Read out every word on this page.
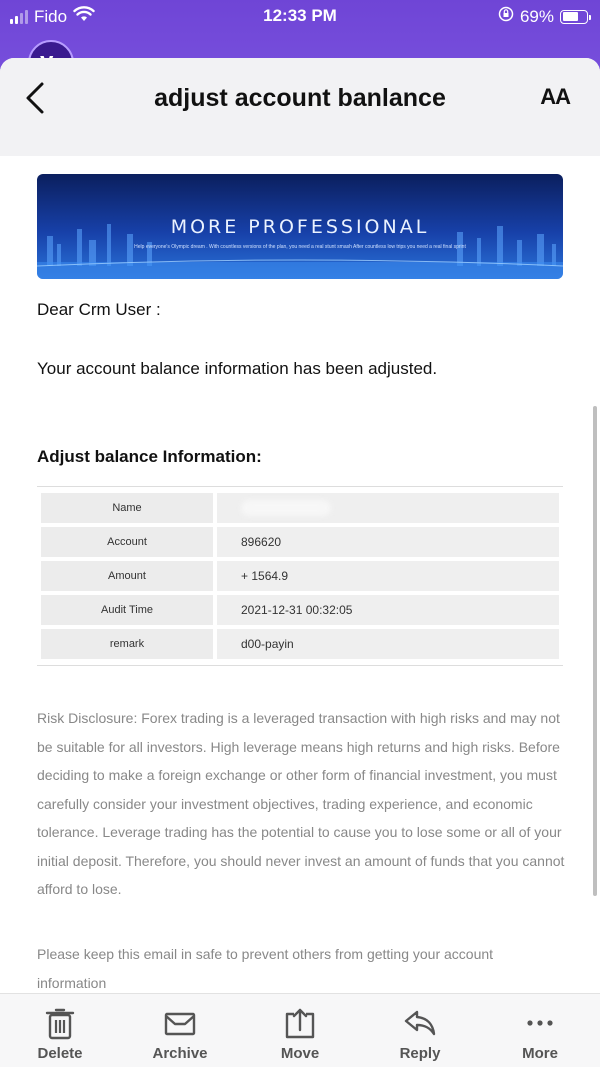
Fido	12:33 PM	69%
adjust account banlance	AA
MORE PROFESSIONAL
Help everyone's Olympic dream . With countless versions of the plan, you need a real stunt smash After countless low trips you need a real final sprint
Dear Crm User :
Your account balance information has been adjusted.
Adjust balance Information:
Name
Account	896620
Amount	+ 1564.9
Audit Time	2021-12-31 00:32:05
remark	d00-payin
Risk Disclosure: Forex trading is a leveraged transaction with high risks and may not be suitable for all investors. High leverage means high returns and high risks. Before deciding to make a foreign exchange or other form of financial investment, you must carefully consider your investment objectives, trading experience, and economic tolerance. Leverage trading has the potential to cause you to lose some or all of your initial deposit. Therefore, you should never invest an amount of funds that you cannot afford to lose.
Please keep this email in safe to prevent others from getting your account information
Delete	Archive	Move	Reply	More
